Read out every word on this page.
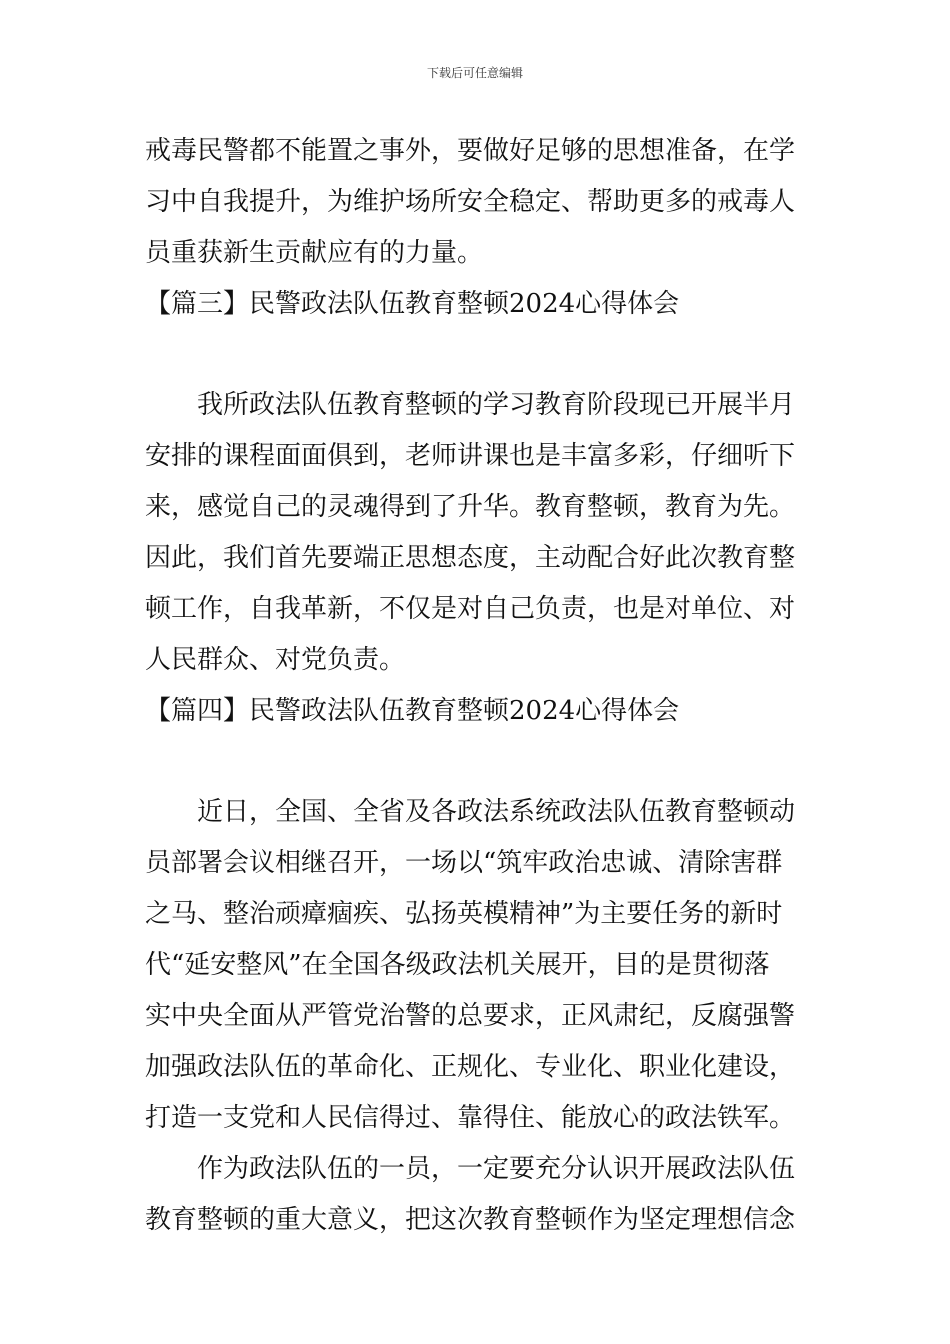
下载后可任意编辑
戒毒民警都不能置之事外，要做好足够的思想准备，在学
习中自我提升，为维护场所安全稳定、帮助更多的戒毒人
员重获新生贡献应有的力量。
【篇三】民警政法队伍教育整顿2024心得体会
我所政法队伍教育整顿的学习教育阶段现已开展半月
安排的课程面面俱到，老师讲课也是丰富多彩，仔细听下
来，感觉自己的灵魂得到了升华。教育整顿，教育为先。
因此，我们首先要端正思想态度，主动配合好此次教育整
顿工作，自我革新，不仅是对自己负责，也是对单位、对
人民群众、对党负责。
【篇四】民警政法队伍教育整顿2024心得体会
近日，全国、全省及各政法系统政法队伍教育整顿动
员部署会议相继召开，一场以“筑牢政治忠诚、清除害群
之马、整治顽瘴痼疾、弘扬英模精神”为主要任务的新时
代“延安整风”在全国各级政法机关展开，目的是贯彻落
实中央全面从严管党治警的总要求，正风肃纪，反腐强警
加强政法队伍的革命化、正规化、专业化、职业化建设，
打造一支党和人民信得过、靠得住、能放心的政法铁军。
作为政法队伍的一员，一定要充分认识开展政法队伍
教育整顿的重大意义，把这次教育整顿作为坚定理想信念
